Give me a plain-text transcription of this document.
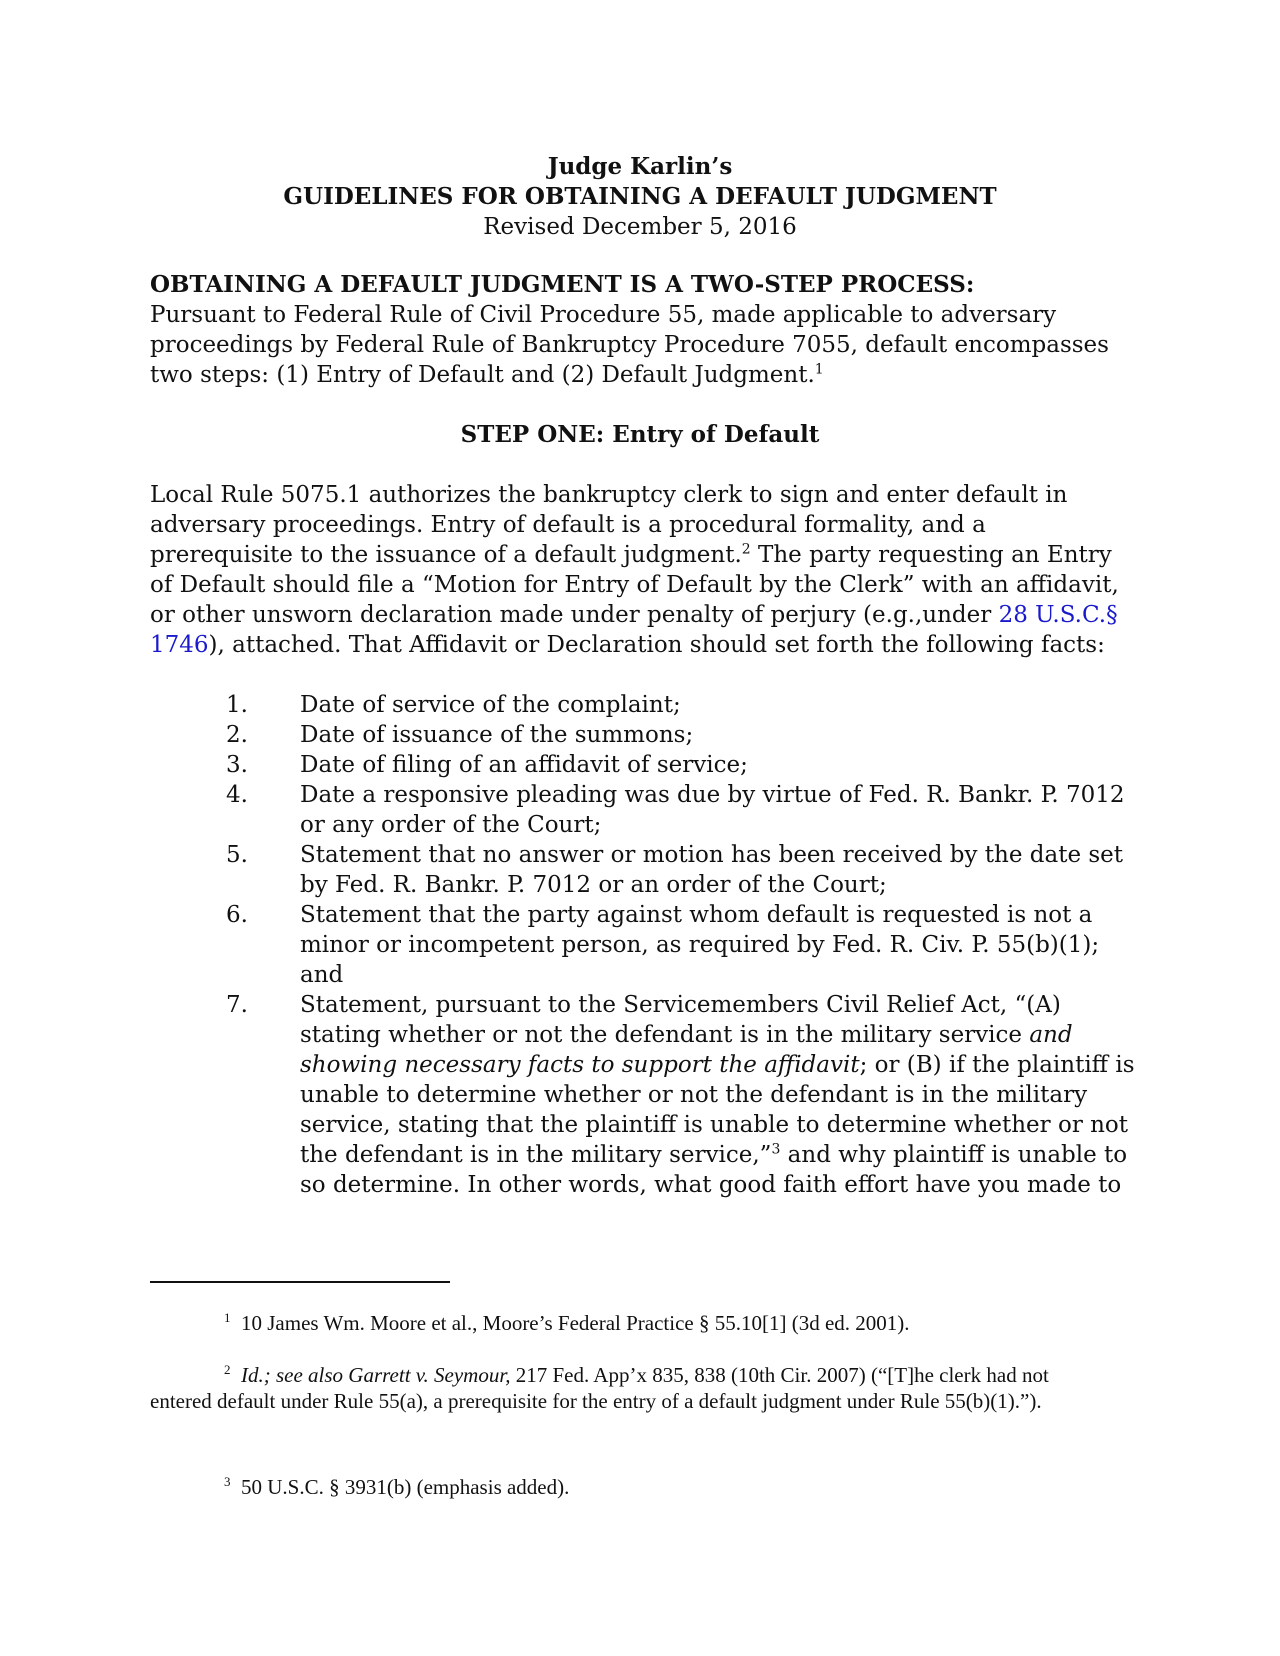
Judge Karlin’s
GUIDELINES FOR OBTAINING A DEFAULT JUDGMENT
Revised December 5, 2016
OBTAINING A DEFAULT JUDGMENT IS A TWO-STEP PROCESS:
Pursuant to Federal Rule of Civil Procedure 55, made applicable to adversary proceedings by Federal Rule of Bankruptcy Procedure 7055, default encompasses two steps: (1) Entry of Default and (2) Default Judgment.$^1$
STEP ONE: Entry of Default
Local Rule 5075.1 authorizes the bankruptcy clerk to sign and enter default in adversary proceedings. Entry of default is a procedural formality, and a prerequisite to the issuance of a default judgment.$^2$ The party requesting an Entry of Default should file a “Motion for Entry of Default by the Clerk” with an affidavit, or other unsworn declaration made under penalty of perjury (e.g.,under 28 U.S.C.§ 1746), attached. That Affidavit or Declaration should set forth the following facts:
1.	Date of service of the complaint;
2.	Date of issuance of the summons;
3.	Date of filing of an affidavit of service;
4.	Date a responsive pleading was due by virtue of Fed. R. Bankr. P. 7012 or any order of the Court;
5.	Statement that no answer or motion has been received by the date set by Fed. R. Bankr. P. 7012 or an order of the Court;
6.	Statement that the party against whom default is requested is not a minor or incompetent person, as required by Fed. R. Civ. P. 55(b)(1); and
7.	Statement, pursuant to the Servicemembers Civil Relief Act, “(A) stating whether or not the defendant is in the military service and showing necessary facts to support the affidavit; or (B) if the plaintiff is unable to determine whether or not the defendant is in the military service, stating that the plaintiff is unable to determine whether or not the defendant is in the military service,”$^3$ and why plaintiff is unable to so determine. In other words, what good faith effort have you made to
$^1$ 10 James Wm. Moore et al., Moore’s Federal Practice § 55.10[1] (3d ed. 2001).
$^2$ Id.; see also Garrett v. Seymour, 217 Fed. App’x 835, 838 (10th Cir. 2007) (“[T]he clerk had not entered default under Rule 55(a), a prerequisite for the entry of a default judgment under Rule 55(b)(1).”).
$^3$ 50 U.S.C. § 3931(b) (emphasis added).
